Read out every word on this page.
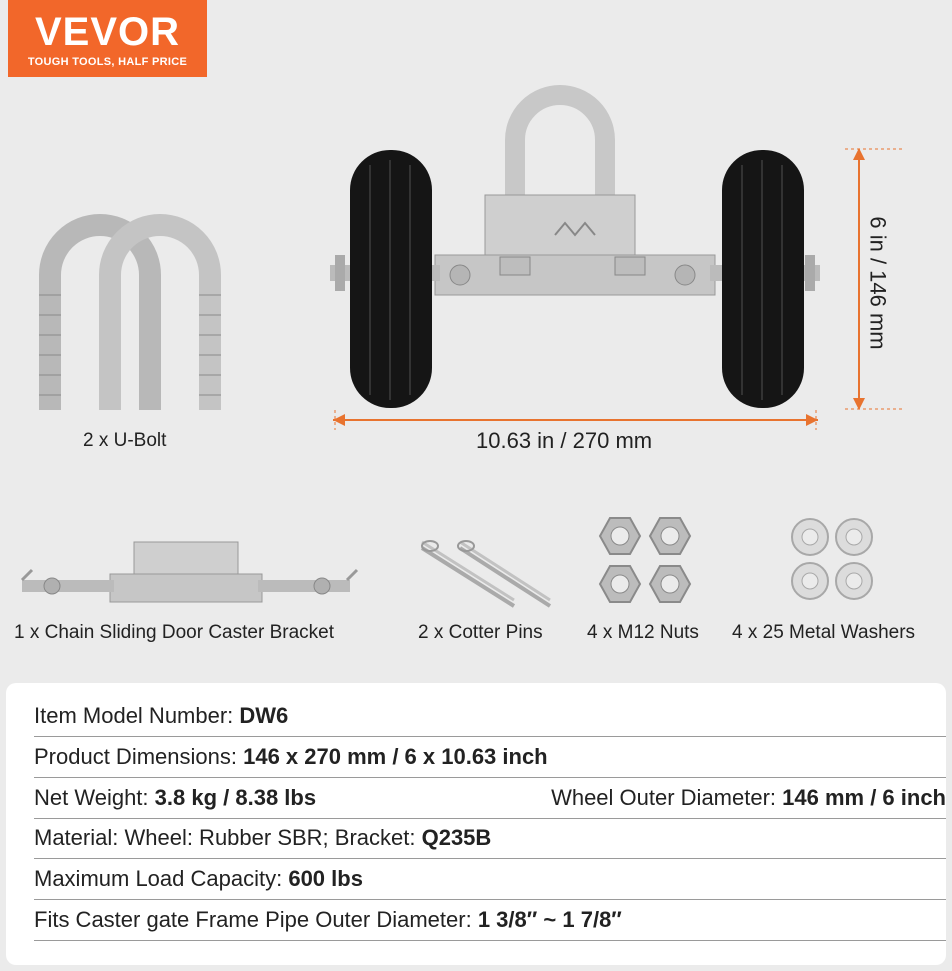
VEVOR
TOUGH TOOLS, HALF PRICE
2 x U-Bolt	10.63 in / 270 mm
6 in / 146 mm
1 x Chain Sliding Door Caster Bracket	2 x Cotter Pins 4 x M12 Nuts 4 x 25 Metal Washers
Item Model Number: DW6
Product Dimensions: 146 x 270 mm / 6 x 10.63 inch
Net Weight: 3.8 kg / 8.38 lbs	Wheel Outer Diameter: 146 mm / 6 inch
Material: Wheel: Rubber SBR; Bracket: Q235B
Maximum Load Capacity: 600 lbs
Fits Caster gate Frame Pipe Outer Diameter: 1 3/8″ ~ 1 7/8″
